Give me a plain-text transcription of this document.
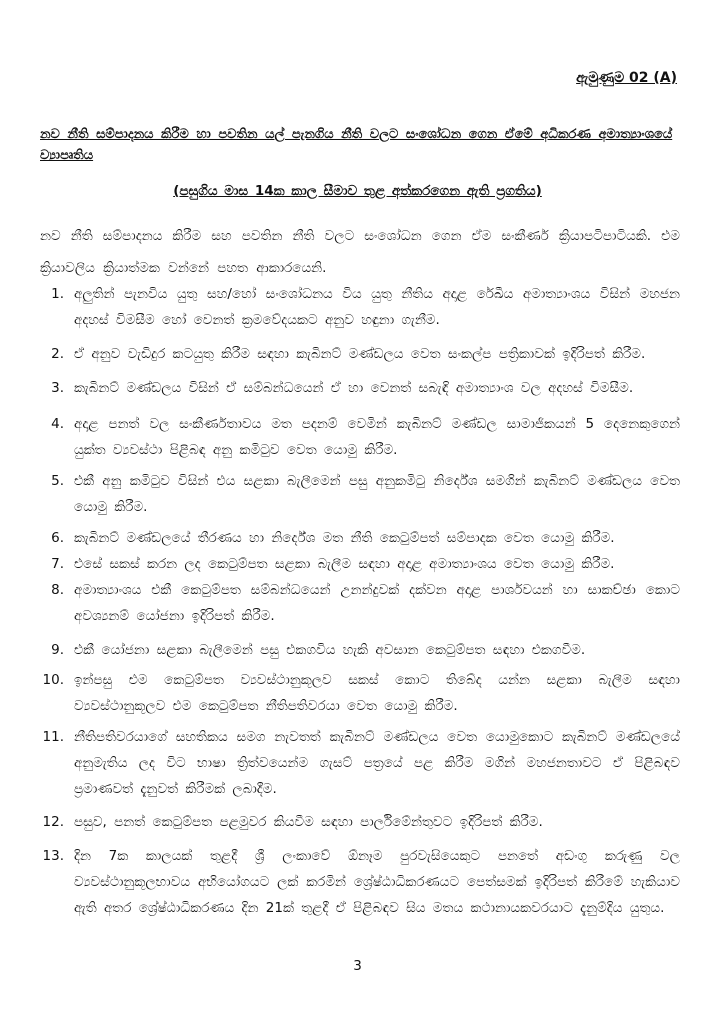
ඇමුණුම 02 (A)
නව නීති සම්පාදනය කිරීම හා පවතින යල් පැනගිය නීති වලට සංශෝධන ගෙන ඒමේ අධිකරණ අමාත්‍යාංශයේ ව්‍යාපෘතිය
(පසුගිය මාස 14ක කාල සීමාව තුළ අත්කරගෙන ඇති ප්‍රගතිය)
නව නීති සම්පාදනය කිරීම සහ පවතින නීති වලට සංශෝධන ගෙන ඒම සංකීර්ණ ක්‍රියාපටිපාටියකි. එම ක්‍රියාවලිය ක්‍රියාත්මක වන්නේ පහත ආකාරයෙනි.
1. අලුතින් පැනවිය යුතු සහ/හෝ සංශෝධනය විය යුතු නීතිය අදාළ රේඛීය අමාත්‍යාංශය විසින් මහජන අදහස් විමසීම හෝ වෙනත් ක්‍රමවේදයකට අනුව හඳුනා ගැනීම.
2. ඒ අනුව වැඩිදුර කටයුතු කිරීම සඳහා කැබිනට් මණ්ඩලය වෙත සංකල්ප පත්‍රිකාවක් ඉදිරිපත් කිරීම.
3. කැබිනට් මණ්ඩලය විසින් ඒ සම්බන්ධයෙන් ඒ හා වෙනත් සබැඳි අමාත්‍යාංශ වල අදහස් විමසීම.
4. අදාළ පනත් වල සංකීර්ණතාවය මත පදනම් වෙමින් කැබිනට් මණ්ඩල සාමාජිකයන් 5 දෙනෙකුගෙන් යුක්ත ව්‍යවස්ථා පිළිබඳ අනු කමිටුව වෙත යොමු කිරීම.
5. එකී අනු කමිටුව විසින් එය සළකා බැලීමෙන් පසු අනුකමිටු නිර්දේශ සමගින් කැබිනට් මණ්ඩලය වෙත යොමු කිරීම.
6. කැබිනට් මණ්ඩලයේ තීරණය හා නිර්දේශ මත නීති කෙටුම්පත් සම්පාදක වෙත යොමු කිරීම.
7. එසේ සකස් කරන ලද කෙටුම්පත සළකා බැලීම සඳහා අදාළ අමාත්‍යාංශය වෙත යොමු කිරීම.
8. අමාත්‍යාංශය එකී කෙටුම්පත සම්බන්ධයෙන් උනන්දුවක් දක්වන අදාළ පාර්ශවයන් හා සාකච්ඡා කොට අවශ්‍යනම් යෝජනා ඉදිරිපත් කිරීම.
9. එකී යෝජනා සළකා බැලීමෙන් පසු එකගවිය හැකි අවසාන කෙටුම්පත සඳහා එකගවීම.
10. ඉන්පසු එම කෙටුම්පත ව්‍යවස්ථානුකූලව සකස් කොට තිබේද යන්න සළකා බැලීම සඳහා ව්‍යවස්ථානුකූලව එම කෙටුම්පත නීතිපතිවරයා වෙත යොමු කිරීම.
11. නීතිපතිවරයාගේ සහතිකය සමග නැවතත් කැබිනට් මණ්ඩලය වෙත යොමුකොට කැබිනට් මණ්ඩලයේ අනුමැතිය ලද විට භාෂා ත්‍රිත්වයෙන්ම ගැසට් පත්‍රයේ පළ කිරීම මගින් මහජනතාවට ඒ පිළිබඳව ප්‍රමාණවත් දැනුවත් කිරීමක් ලබාදීම.
12. පසුව, පනත් කෙටුම්පත පළමුවර කියවීම සඳහා පාර්ලිමේන්තුවට ඉදිරිපත් කිරීම.
13. දින 7ක කාලයක් තුළදී ශ්‍රී ලංකාවේ ඕනෑම පුරවැසියෙකුට පනතේ අඩංගු කරුණු වල ව්‍යවස්ථානුකූලභාවය අභියෝගයට ලක් කරමින් ශ්‍රේෂ්ඨාධිකරණයට පෙත්සමක් ඉදිරිපත් කිරීමේ හැකියාව ඇති අතර ශ්‍රේෂ්ඨාධිකරණය දින 21ක් තුළදී ඒ පිළිබඳව සිය මතය කථානායකවරයාට දැනුම්දිය යුතුය.
3
